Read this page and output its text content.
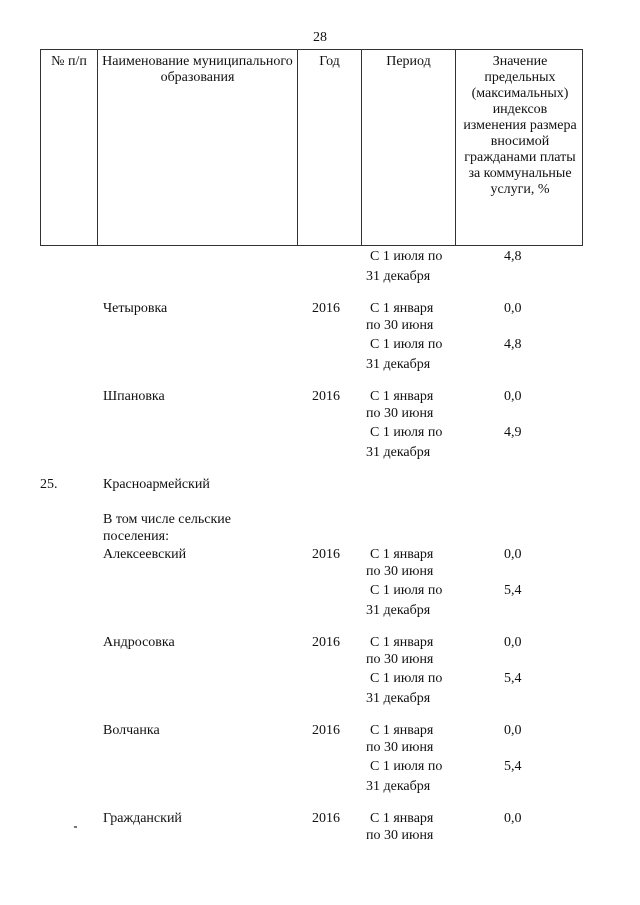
28
№ п/п	Наименование муниципального образования
Год	Период	Значение предельных (максимальных) индексов изменения размера вносимой гражданами платы за коммунальные услуги, %
С 1 июля по	4,8
31 декабря
Четыровка	2016 С 1 января	0,0
по 30 июня
С 1 июля по	4,8
31 декабря
Шпановка	2016 С 1 января	0,0
по 30 июня
С 1 июля по	4,9
31 декабря
25.	Красноармейский
В том числе сельские
поселения:
Алексеевский	2016 С 1 января	0,0
по 30 июня
С 1 июля по	5,4
31 декабря
Андросовка	2016 С 1 января	0,0
по 30 июня
С 1 июля по	5,4
31 декабря
Волчанка	2016 С 1 января	0,0
по 30 июня
С 1 июля по	5,4
31 декабря
Гражданский	2016 С 1 января	0,0
по 30 июня
